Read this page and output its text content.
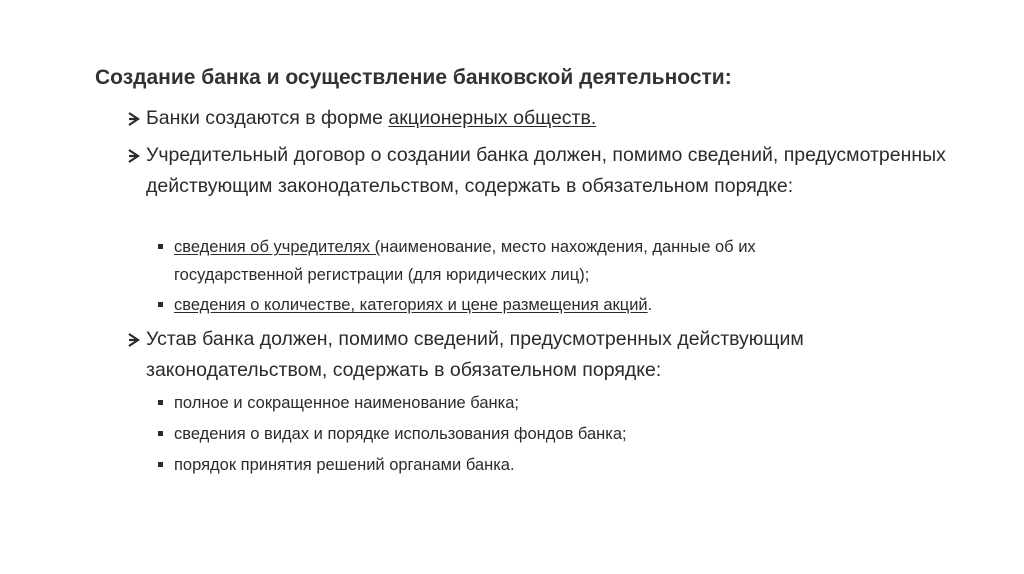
Создание банка и осуществление банковской деятельности:
Банки создаются в форме акционерных обществ.
Учредительный договор о создании банка должен, помимо сведений, предусмотренных действующим законодательством, содержать в обязательном порядке:
сведения об учредителях (наименование, место нахождения, данные об их государственной регистрации (для юридических лиц);
сведения о количестве, категориях и цене размещения акций.
Устав банка должен, помимо сведений, предусмотренных действующим законодательством, содержать в обязательном порядке:
полное и сокращенное наименование банка;
сведения о видах и порядке использования фондов банка;
порядок принятия решений органами банка.
